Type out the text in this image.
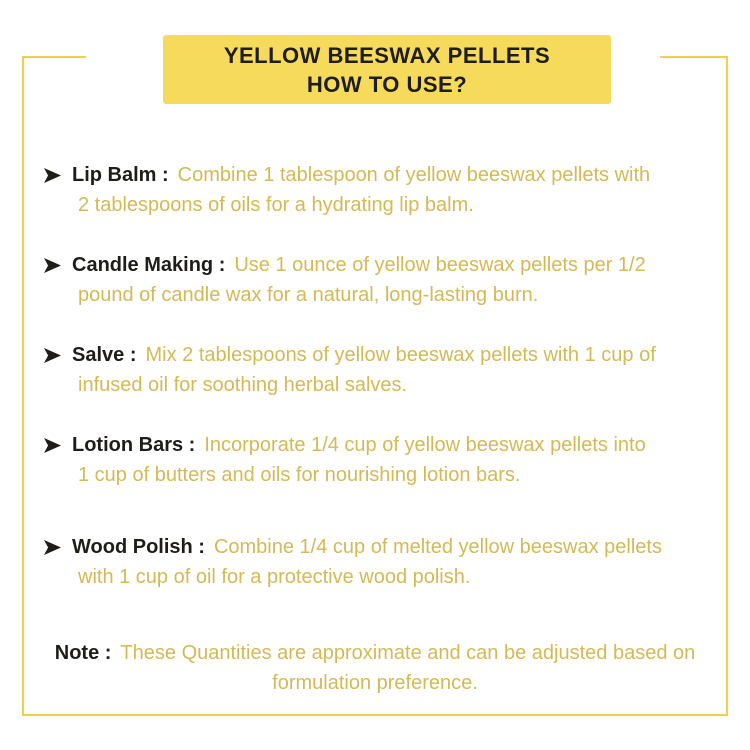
YELLOW BEESWAX PELLETS
HOW TO USE?

Lip Balm : Combine 1 tablespoon of yellow beeswax pellets with
2 tablespoons of oils for a hydrating lip balm.

Candle Making : Use 1 ounce of yellow beeswax pellets per 1/2
pound of candle wax for a natural, long-lasting burn.

Salve : Mix 2 tablespoons of yellow beeswax pellets with 1 cup of
infused oil for soothing herbal salves.

Lotion Bars : Incorporate 1/4 cup of yellow beeswax pellets into
1 cup of butters and oils for nourishing lotion bars.

Wood Polish : Combine 1/4 cup of melted yellow beeswax pellets
with 1 cup of oil for a protective wood polish.

Note : These Quantities are approximate and can be adjusted based on
formulation preference.
